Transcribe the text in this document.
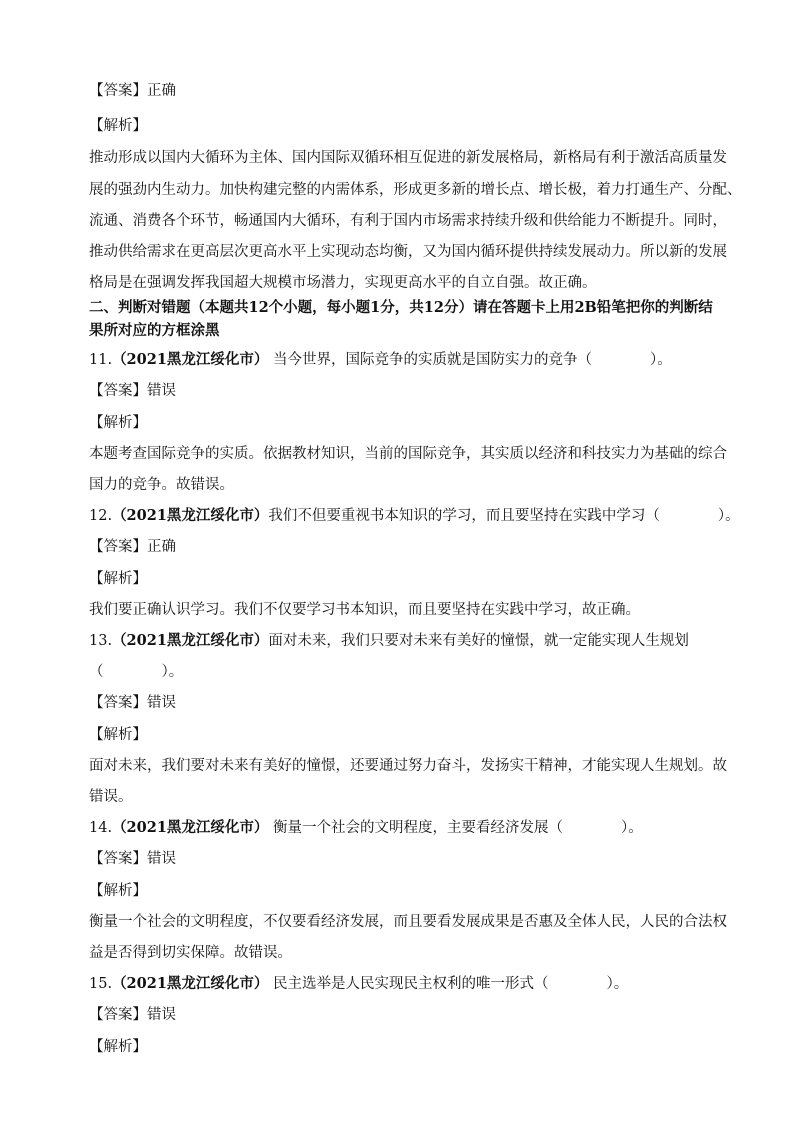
【答案】正确
【解析】
推动形成以国内大循环为主体、国内国际双循环相互促进的新发展格局，新格局有利于激活高质量发
展的强劲内生动力。加快构建完整的内需体系，形成更多新的增长点、增长极，着力打通生产、分配、
流通、消费各个环节，畅通国内大循环，有利于国内市场需求持续升级和供给能力不断提升。同时，
推动供给需求在更高层次更高水平上实现动态均衡，又为国内循环提供持续发展动力。所以新的发展
格局是在强调发挥我国超大规模市场潜力，实现更高水平的自立自强。故正确。
二、判断对错题（本题共12个小题，每小题1分，共12分）请在答题卡上用2B铅笔把你的判断结
果所对应的方框涂黑
11.（2021黑龙江绥化市） 当今世界，国际竞争的实质就是国防实力的竞争（　　　　）。
【答案】错误
【解析】
本题考查国际竞争的实质。依据教材知识，当前的国际竞争，其实质以经济和科技实力为基础的综合
国力的竞争。故错误。
12.（2021黑龙江绥化市）我们不但要重视书本知识的学习，而且要坚持在实践中学习（　　　　）。
【答案】正确
【解析】
我们要正确认识学习。我们不仅要学习书本知识，而且要坚持在实践中学习，故正确。
13.（2021黑龙江绥化市）面对未来，我们只要对未来有美好的憧憬，就一定能实现人生规划
（　　　　）。
【答案】错误
【解析】
面对未来，我们要对未来有美好的憧憬，还要通过努力奋斗，发扬实干精神，才能实现人生规划。故
错误。
14.（2021黑龙江绥化市） 衡量一个社会的文明程度，主要看经济发展（　　　　）。
【答案】错误
【解析】
衡量一个社会的文明程度，不仅要看经济发展，而且要看发展成果是否惠及全体人民，人民的合法权
益是否得到切实保障。故错误。
15.（2021黑龙江绥化市） 民主选举是人民实现民主权利的唯一形式（　　　　）。
【答案】错误
【解析】
